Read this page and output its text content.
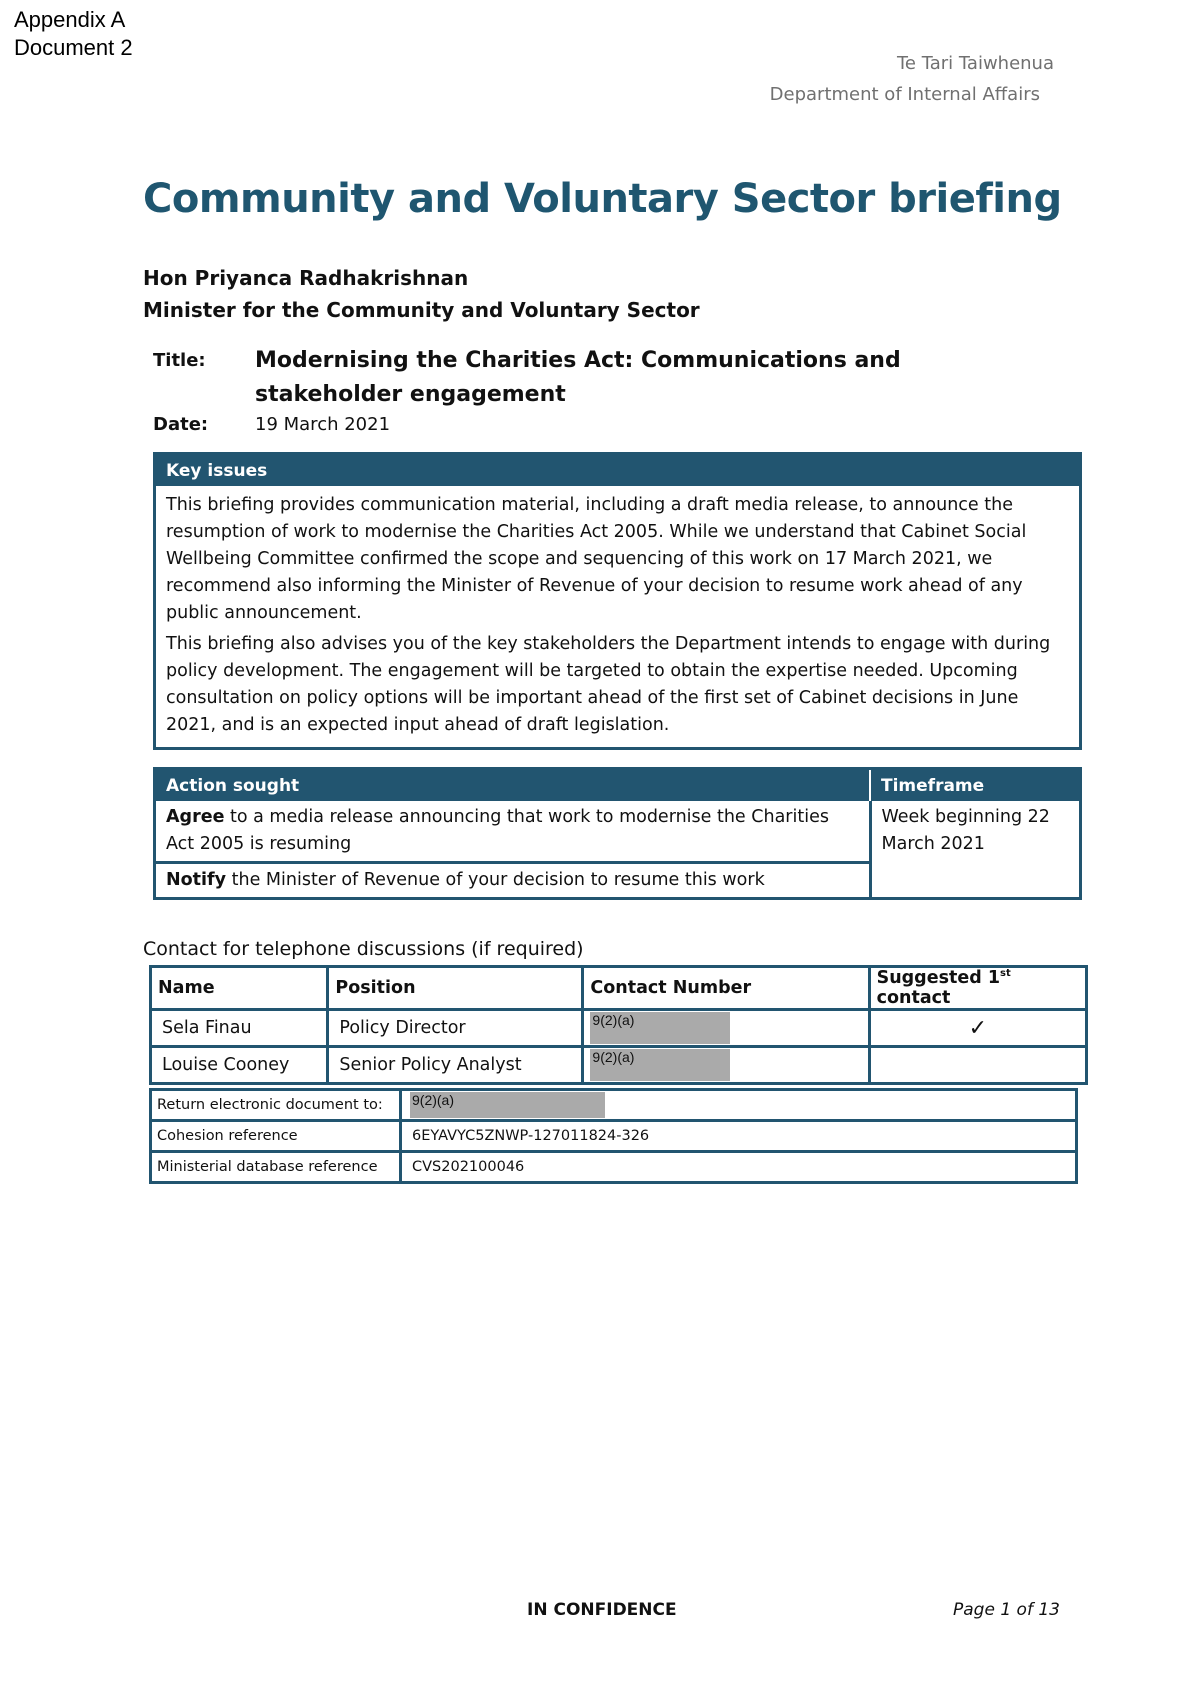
Appendix A
Document 2
Te Tari Taiwhenua
Department of Internal Affairs
Community and Voluntary Sector briefing
Hon Priyanca Radhakrishnan
Minister for the Community and Voluntary Sector
Title:	Modernising the Charities Act: Communications and stakeholder engagement
Date:	19 March 2021
Key issues

This briefing provides communication material, including a draft media release, to announce the resumption of work to modernise the Charities Act 2005. While we understand that Cabinet Social Wellbeing Committee confirmed the scope and sequencing of this work on 17 March 2021, we recommend also informing the Minister of Revenue of your decision to resume work ahead of any public announcement.

This briefing also advises you of the key stakeholders the Department intends to engage with during policy development. The engagement will be targeted to obtain the expertise needed. Upcoming consultation on policy options will be important ahead of the first set of Cabinet decisions in June 2021, and is an expected input ahead of draft legislation.

Action sought	Timeframe
Agree to a media release announcing that work to modernise the Charities Act 2005 is resuming	Week beginning 22 March 2021
Notify the Minister of Revenue of your decision to resume this work	
Contact for telephone discussions (if required)
Name	Position	Contact Number	Suggested 1st contact
Sela Finau	Policy Director	9(2)(a)	✓
Louise Cooney	Senior Policy Analyst	9(2)(a)	
Return electronic document to:	9(2)(a)
Cohesion reference	6EYAVYC5ZNWP-127011824-326
Ministerial database reference	CVS202100046
IN CONFIDENCE	Page 1 of 13
